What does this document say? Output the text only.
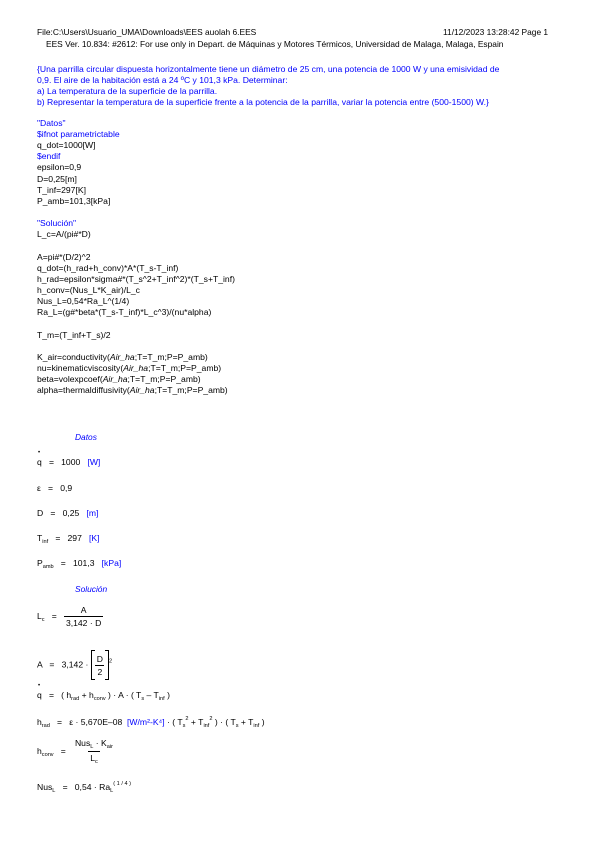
File:C:\Users\Usuario_UMA\Downloads\EES auolah 6.EES	11/12/2023 13:28:42 Page 1
EES Ver. 10.834: #2612: For use only in Depart. de Máquinas y Motores Térmicos, Universidad de Malaga, Malaga, Espain
{Una parrilla circular dispuesta horizontalmente tiene un diámetro de 25 cm, una potencia de 1000 W y una emisividad de
0,9. El aire de la habitación está a 24 ºC y 101,3 kPa. Determinar:
a) La temperatura de la superficie de la parrilla.
b) Representar la temperatura de la superficie frente a la potencia de la parrilla, variar la potencia entre (500-1500) W.}
"Datos"
$ifnot parametrictable
q_dot=1000[W]
$endif
epsilon=0,9
D=0,25[m]
T_inf=297[K]
P_amb=101,3[kPa]
"Solución"
L_c=A/(pi#*D)
A=pi#*(D/2)^2
q_dot=(h_rad+h_conv)*A*(T_s-T_inf)
h_rad=epsilon*sigma#*(T_s^2+T_inf^2)*(T_s+T_inf)
h_conv=(Nus_L*K_air)/L_c
Nus_L=0,54*Ra_L^(1/4)
Ra_L=(g#*beta*(T_s-T_inf)*L_c^3)/(nu*alpha)
T_m=(T_inf+T_s)/2
K_air=conductivity(Air_ha;T=T_m;P=P_amb)
nu=kinematicviscosity(Air_ha;T=T_m;P=P_amb)
beta=volexpcoef(Air_ha;T=T_m;P=P_amb)
alpha=thermaldiffusivity(Air_ha;T=T_m;P=P_amb)
Datos
• q   =   1000 [W]
ε   =   0,9
D   =   0,25 [m]
$T_{inf} = 297$ [K]
$P_{amb} = 101,3$ [kPa]
Solución
$L_c = \frac{A}{3,142 \cdot D}$
$A = 3,142 \cdot \frac{D}{2} ^2$
• q   =   ( $h_{rad} + h_{conv}$ ) · A · ( $T_s - T_{inf}$ )
$h_{rad} = \varepsilon \cdot 5,670E-08$ [W/m²-K⁴] · ( $T_s^2 + T_{inf}^2$ ) · ( $T_s + T_{inf}$ )
$h_{conv} = \frac{Nus_L \cdot K_{air}}{L_c}$
$Nus_L = 0,54 \cdot Ra_L^{( 1 / 4 )}$
